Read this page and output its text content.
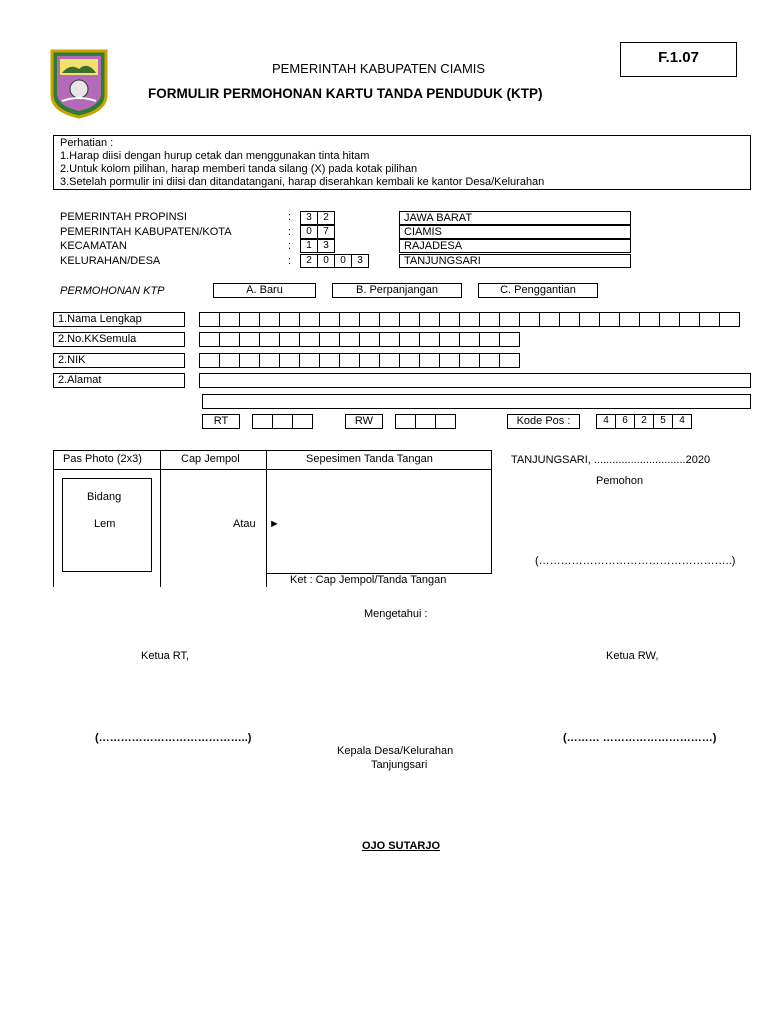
PEMERINTAH KABUPATEN CIAMIS
FORMULIR PERMOHONAN KARTU TANDA PENDUDUK (KTP)
F.1.07
Perhatian :
1.Harap diisi dengan hurup cetak dan menggunakan tinta hitam
2.Untuk kolom pilihan, harap memberi tanda silang (X) pada kotak pilihan
3.Setelah pormulir ini diisi dan ditandatangani, harap diserahkan kembali ke kantor Desa/Kelurahan
PEMERINTAH PROPINSI	:	3	2	JAWA BARAT
PEMERINTAH KABUPATEN/KOTA	:	0	7	CIAMIS
KECAMATAN	:	1	3	RAJADESA
KELURAHAN/DESA	:	2	0	0	3	TANJUNGSARI
PERMOHONAN KTP	A. Baru	B. Perpanjangan	C. Penggantian
1.Nama Lengkap
2.No.KKSemula
2.NIK
2.Alamat
RT	RW	Kode Pos :	4	6	2	5	4
Pas Photo (2x3)	Cap Jempol	Sepesimen Tanda Tangan
Bidang
Lem	Atau ►
Ket : Cap Jempol/Tanda Tangan
TANJUNGSARI, ..............................2020
Pemohon
(……………………………………………..)
Mengetahui :
Ketua RT,	Ketua RW,
(…………………………………..)	(……… …………………………)
Kepala Desa/Kelurahan
Tanjungsari
OJO SUTARJO
